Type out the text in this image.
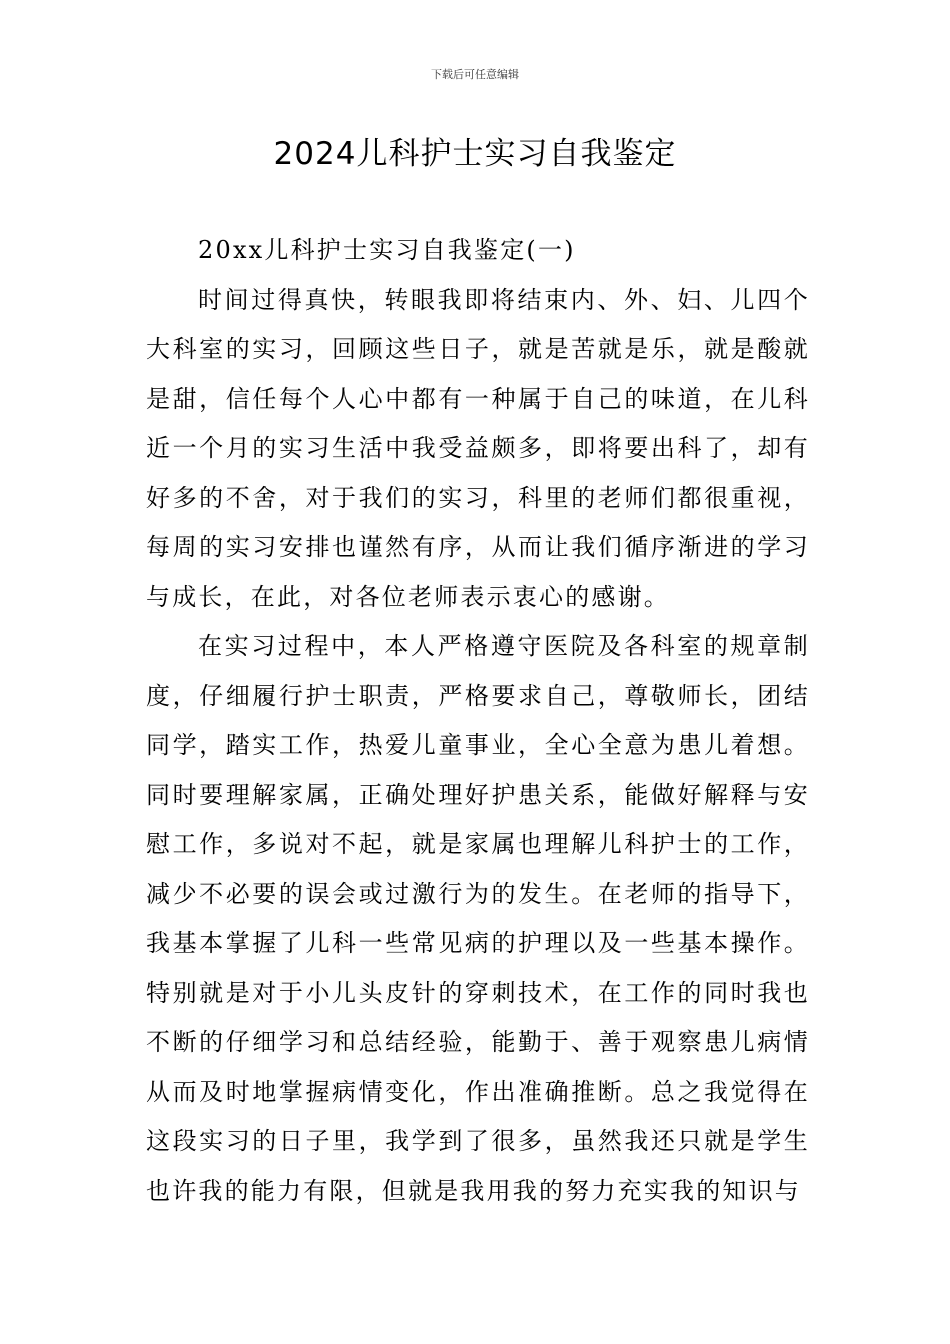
下载后可任意编辑
2024儿科护士实习自我鉴定

20xx儿科护士实习自我鉴定(一)

时间过得真快，转眼我即将结束内、外、妇、儿四个大科室的实习，回顾这些日子，就是苦就是乐，就是酸就是甜，信任每个人心中都有一种属于自己的味道，在儿科近一个月的实习生活中我受益颇多，即将要出科了，却有好多的不舍，对于我们的实习，科里的老师们都很重视，每周的实习安排也谨然有序，从而让我们循序渐进的学习与成长，在此，对各位老师表示衷心的感谢。

在实习过程中，本人严格遵守医院及各科室的规章制度，仔细履行护士职责，严格要求自己，尊敬师长，团结同学，踏实工作，热爱儿童事业，全心全意为患儿着想。同时要理解家属，正确处理好护患关系，能做好解释与安慰工作，多说对不起，就是家属也理解儿科护士的工作，减少不必要的误会或过激行为的发生。在老师的指导下，我基本掌握了儿科一些常见病的护理以及一些基本操作。特别就是对于小儿头皮针的穿刺技术，在工作的同时我也不断的仔细学习和总结经验，能勤于、善于观察患儿病情从而及时地掌握病情变化，作出准确推断。总之我觉得在这段实习的日子里，我学到了很多，虽然我还只就是学生也许我的能力有限，但就是我用我的努力充实我的知识与
